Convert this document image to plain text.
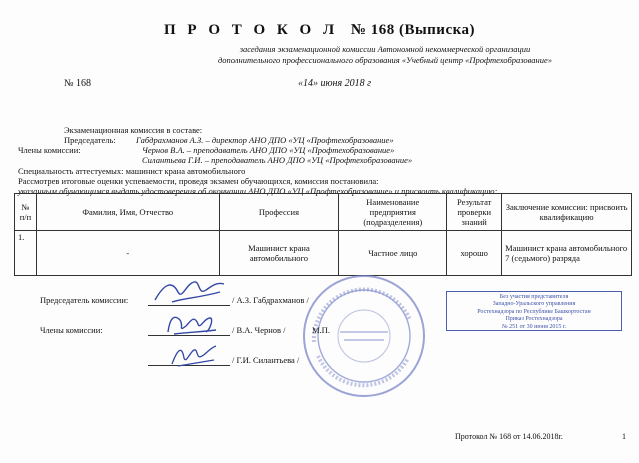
П Р О Т О К О Л № 168 (Выписка)
заседания экзаменационной комиссии Автономной некоммерческой организации
дополнительного профессионального образования «Учебный центр «Профтехобразование»
№ 168	«14» июня 2018 г
Экзаменационная комиссия в составе:
Председатель: Габдрахманов А.З. – директор АНО ДПО «УЦ «Профтехобразование»
Члены комиссии:	Чернов В.А. – преподаватель АНО ДПО «УЦ «Профтехобразование»
Силантьева Г.И. – преподаватель АНО ДПО «УЦ «Профтехобразование»
Специальность аттестуемых: машинист крана автомобильного
Рассмотрев итоговые оценки успеваемости, проведя экзамен обучающихся, комиссия постановила:
указанным обучающимся выдать удостоверения об окончании АНО ДПО «УЦ «Профтехобразование» и присвоить квалификацию:
№ п/п	Фамилия, Имя, Отчество	Профессия	Наименование предприятия (подразделения)	Результат проверки знаний	Заключение комиссии: присвоить квалификацию
1.	-	Машинист крана автомобильного	Частное лицо	хорошо	Машинист крана автомобильного 7 (седьмого) разряда
Председатель комиссии:	/ А.З. Габдрахманов /
Члены комиссии:	/ В.А. Чернов /	М.П.
/ Г.И. Силантьева /
Без участия представителя
Западно-Уральского управления
Ростехнадзора по Республике Башкортостан
Приказ Ростехнадзора
№ 251 от 30 июня 2015 г.
Протокол № 168 от 14.06.2018г.	1
